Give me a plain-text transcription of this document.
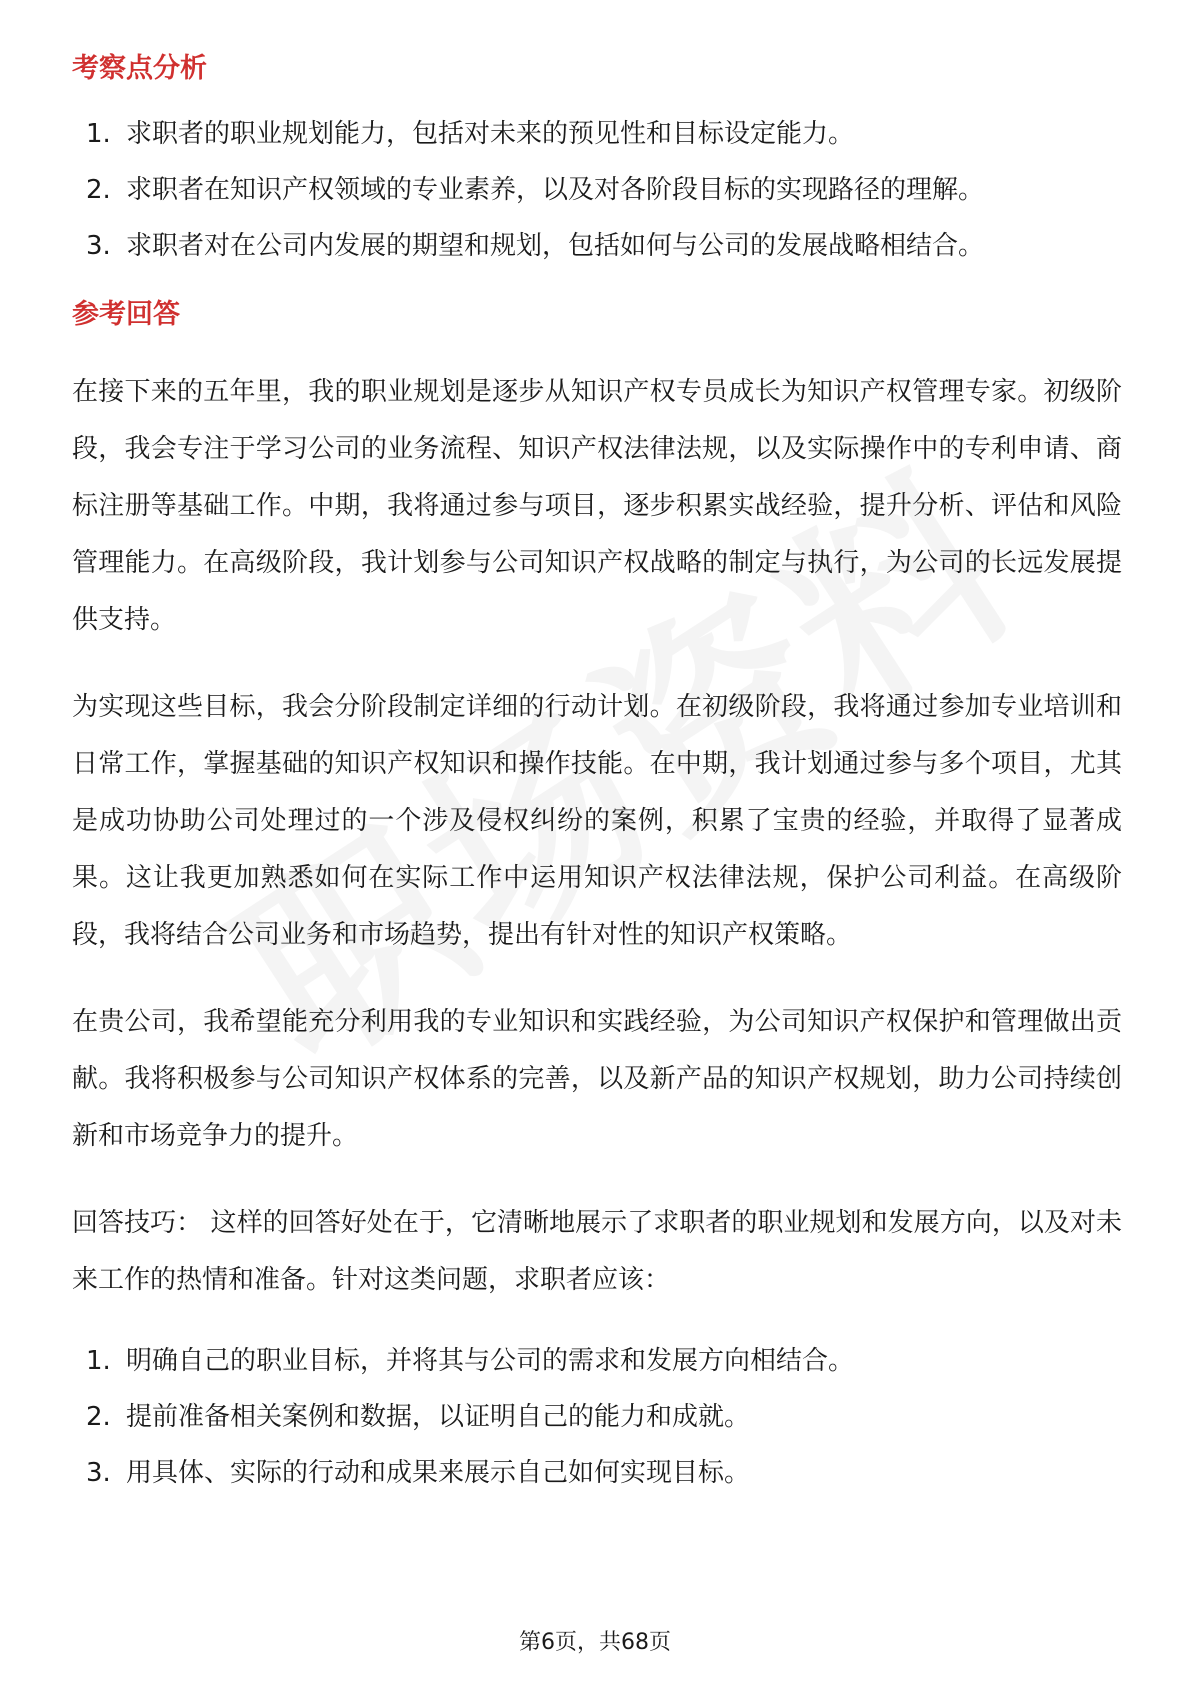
考察点分析
1. 求职者的职业规划能力，包括对未来的预见性和目标设定能力。
2. 求职者在知识产权领域的专业素养，以及对各阶段目标的实现路径的理解。
3. 求职者对在公司内发展的期望和规划，包括如何与公司的发展战略相结合。
参考回答

在接下来的五年里，我的职业规划是逐步从知识产权专员成长为知识产权管理专家。初级阶段，我会专注于学习公司的业务流程、知识产权法律法规，以及实际操作中的专利申请、商标注册等基础工作。中期，我将通过参与项目，逐步积累实战经验，提升分析、评估和风险管理能力。在高级阶段，我计划参与公司知识产权战略的制定与执行，为公司的长远发展提供支持。

为实现这些目标，我会分阶段制定详细的行动计划。在初级阶段，我将通过参加专业培训和日常工作，掌握基础的知识产权知识和操作技能。在中期，我计划通过参与多个项目，尤其是成功协助公司处理过的一个涉及侵权纠纷的案例，积累了宝贵的经验，并取得了显著成果。这让我更加熟悉如何在实际工作中运用知识产权法律法规，保护公司利益。在高级阶段，我将结合公司业务和市场趋势，提出有针对性的知识产权策略。

在贵公司，我希望能充分利用我的专业知识和实践经验，为公司知识产权保护和管理做出贡献。我将积极参与公司知识产权体系的完善，以及新产品的知识产权规划，助力公司持续创新和市场竞争力的提升。

回答技巧： 这样的回答好处在于，它清晰地展示了求职者的职业规划和发展方向，以及对未来工作的热情和准备。针对这类问题，求职者应该：

1. 明确自己的职业目标，并将其与公司的需求和发展方向相结合。
2. 提前准备相关案例和数据，以证明自己的能力和成就。
3. 用具体、实际的行动和成果来展示自己如何实现目标。
第6页，共68页
